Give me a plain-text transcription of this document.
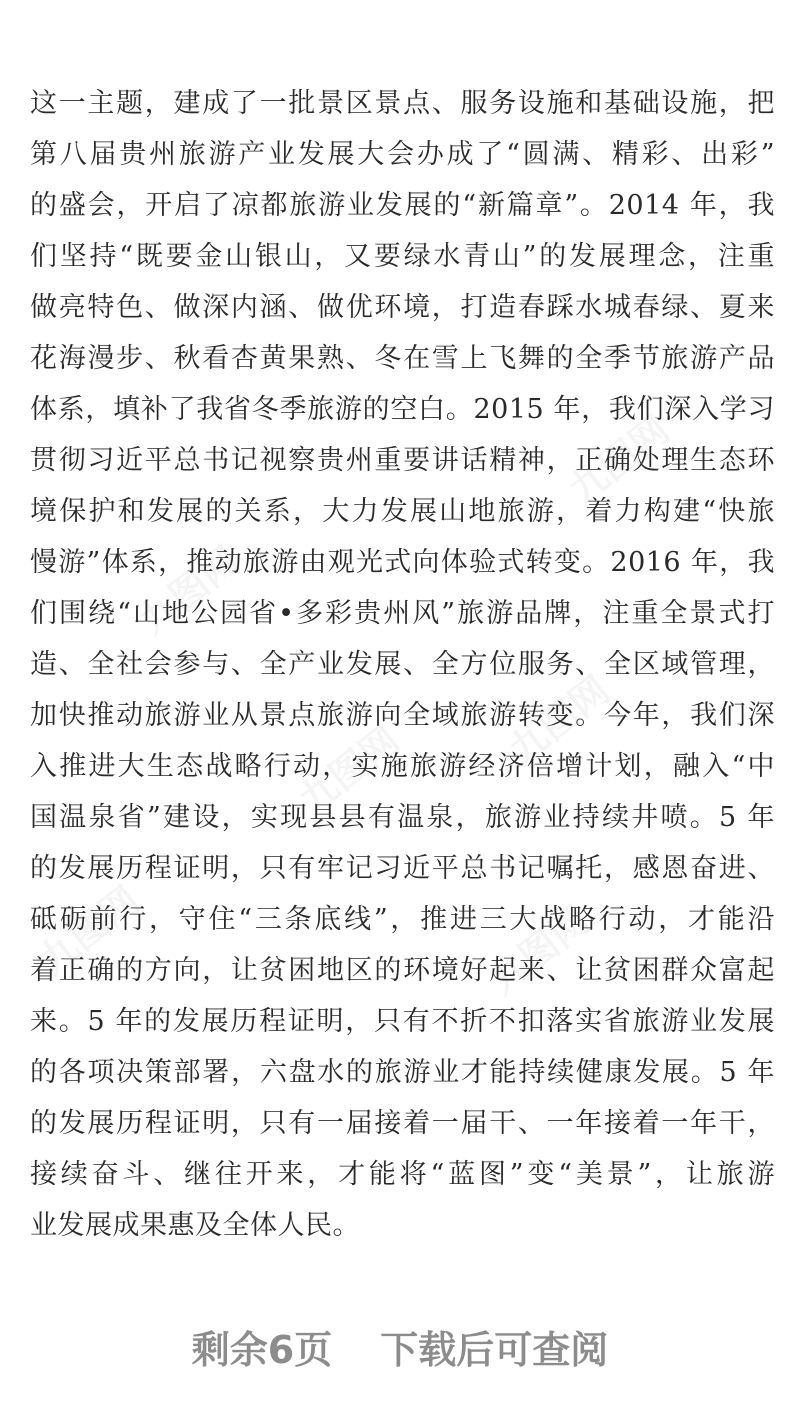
九图网
九图网
九图网
九图网
九图网	九图网
这一主题，建成了一批景区景点、服务设施和基础设施，把
第八届贵州旅游产业发展大会办成了“圆满、精彩、出彩”
的盛会，开启了凉都旅游业发展的“新篇章”。2014 年，我
们坚持“既要金山银山，又要绿水青山”的发展理念，注重
做亮特色、做深内涵、做优环境，打造春踩水城春绿、夏来
花海漫步、秋看杏黄果熟、冬在雪上飞舞的全季节旅游产品
体系，填补了我省冬季旅游的空白。2015 年，我们深入学习
贯彻习近平总书记视察贵州重要讲话精神，正确处理生态环
境保护和发展的关系，大力发展山地旅游，着力构建“快旅
慢游”体系，推动旅游由观光式向体验式转变。2016 年，我
们围绕“山地公园省•多彩贵州风”旅游品牌，注重全景式打
造、全社会参与、全产业发展、全方位服务、全区域管理，
加快推动旅游业从景点旅游向全域旅游转变。今年，我们深
入推进大生态战略行动，实施旅游经济倍增计划，融入“中
国温泉省”建设，实现县县有温泉，旅游业持续井喷。5 年
的发展历程证明，只有牢记习近平总书记嘱托，感恩奋进、
砥砺前行，守住“三条底线”，推进三大战略行动，才能沿
着正确的方向，让贫困地区的环境好起来、让贫困群众富起
来。5 年的发展历程证明，只有不折不扣落实省旅游业发展
的各项决策部署，六盘水的旅游业才能持续健康发展。5 年
的发展历程证明，只有一届接着一届干、一年接着一年干，
接续奋斗、继往开来，才能将“蓝图”变“美景”，让旅游
业发展成果惠及全体人民。
剩余6页 下载后可查阅
